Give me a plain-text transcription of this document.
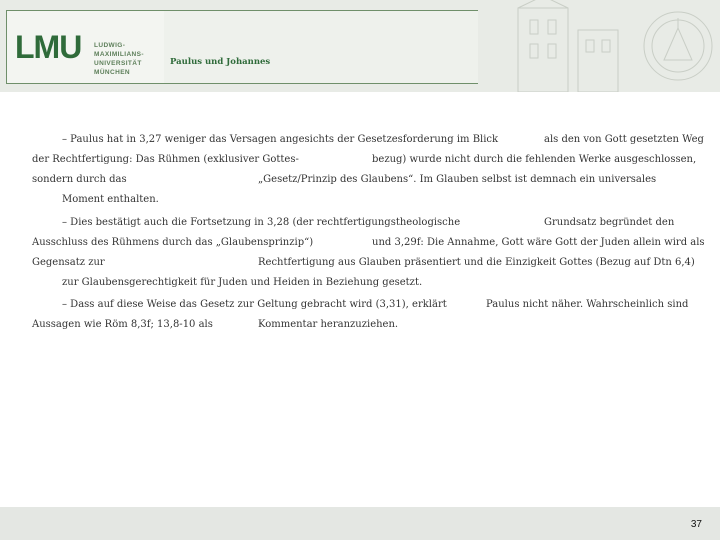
LMU LUDWIG-
MAXIMILIANS-
UNIVERSITÄT
MÜNCHEN
Paulus und Johannes
– Paulus hat in 3,27 weniger das Versagen angesichts der Gesetzesforderung im Blick	als den von Gott gesetzten Weg
der Rechtfertigung: Das Rühmen (exklusiver Gottes-	bezug) wurde nicht durch die fehlenden Werke ausgeschlossen,
sondern durch das	„Gesetz/Prinzip des Glaubens“. Im Glauben selbst ist demnach ein universales
Moment enthalten.
– Dies bestätigt auch die Fortsetzung in 3,28 (der rechtfertigungstheologische	Grundsatz begründet den
Ausschluss des Rühmens durch das „Glaubensprinzip“)	und 3,29f: Die Annahme, Gott wäre Gott der Juden allein wird als
Gegensatz zur	Rechtfertigung aus Glauben präsentiert und die Einzigkeit Gottes (Bezug auf Dtn 6,4)
zur Glaubensgerechtigkeit für Juden und Heiden in Beziehung gesetzt.
– Dass auf diese Weise das Gesetz zur Geltung gebracht wird (3,31), erklärt	Paulus nicht näher. Wahrscheinlich sind
Aussagen wie Röm 8,3f; 13,8-10 als	Kommentar heranzuziehen.
37
